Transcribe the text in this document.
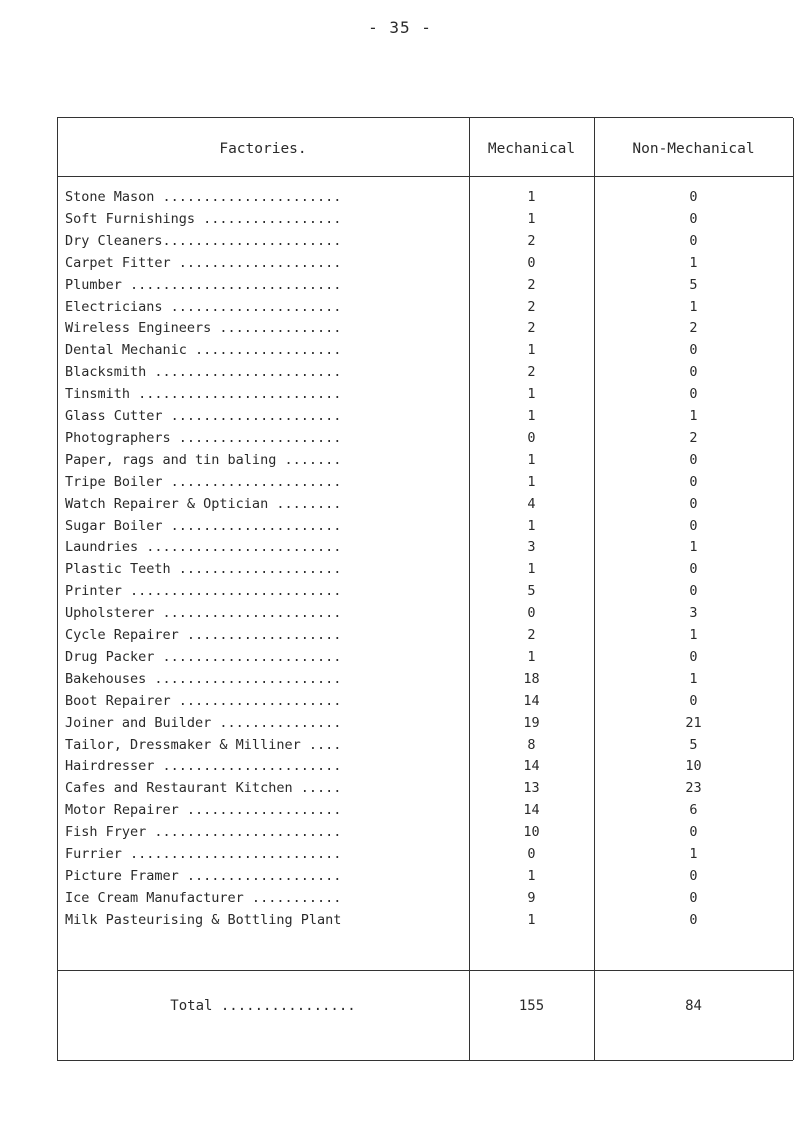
- 35 -
Factories.	Mechanical	Non-Mechanical
Stone Mason ......................	1	0
Soft Furnishings .................	1	0
Dry Cleaners......................	2	0
Carpet Fitter ....................	0	1
Plumber ..........................	2	5
Electricians .....................	2	1
Wireless Engineers ...............	2	2
Dental Mechanic ..................	1	0
Blacksmith .......................	2	0
Tinsmith .........................	1	0
Glass Cutter .....................	1	1
Photographers ....................	0	2
Paper, rags and tin baling .......	1	0
Tripe Boiler .....................	1	0
Watch Repairer & Optician ........	4	0
Sugar Boiler .....................	1	0
Laundries ........................	3	1
Plastic Teeth ....................	1	0
Printer ..........................	5	0
Upholsterer ......................	0	3
Cycle Repairer ...................	2	1
Drug Packer ......................	1	0
Bakehouses .......................	18	1
Boot Repairer ....................	14	0
Joiner and Builder ...............	19	21
Tailor, Dressmaker & Milliner ....	8	5
Hairdresser ......................	14	10
Cafes and Restaurant Kitchen .....	13	23
Motor Repairer ...................	14	6
Fish Fryer .......................	10	0
Furrier ..........................	0	1
Picture Framer ...................	1	0
Ice Cream Manufacturer ...........	9	0
Milk Pasteurising & Bottling Plant	1	0
Total ................	155	84
